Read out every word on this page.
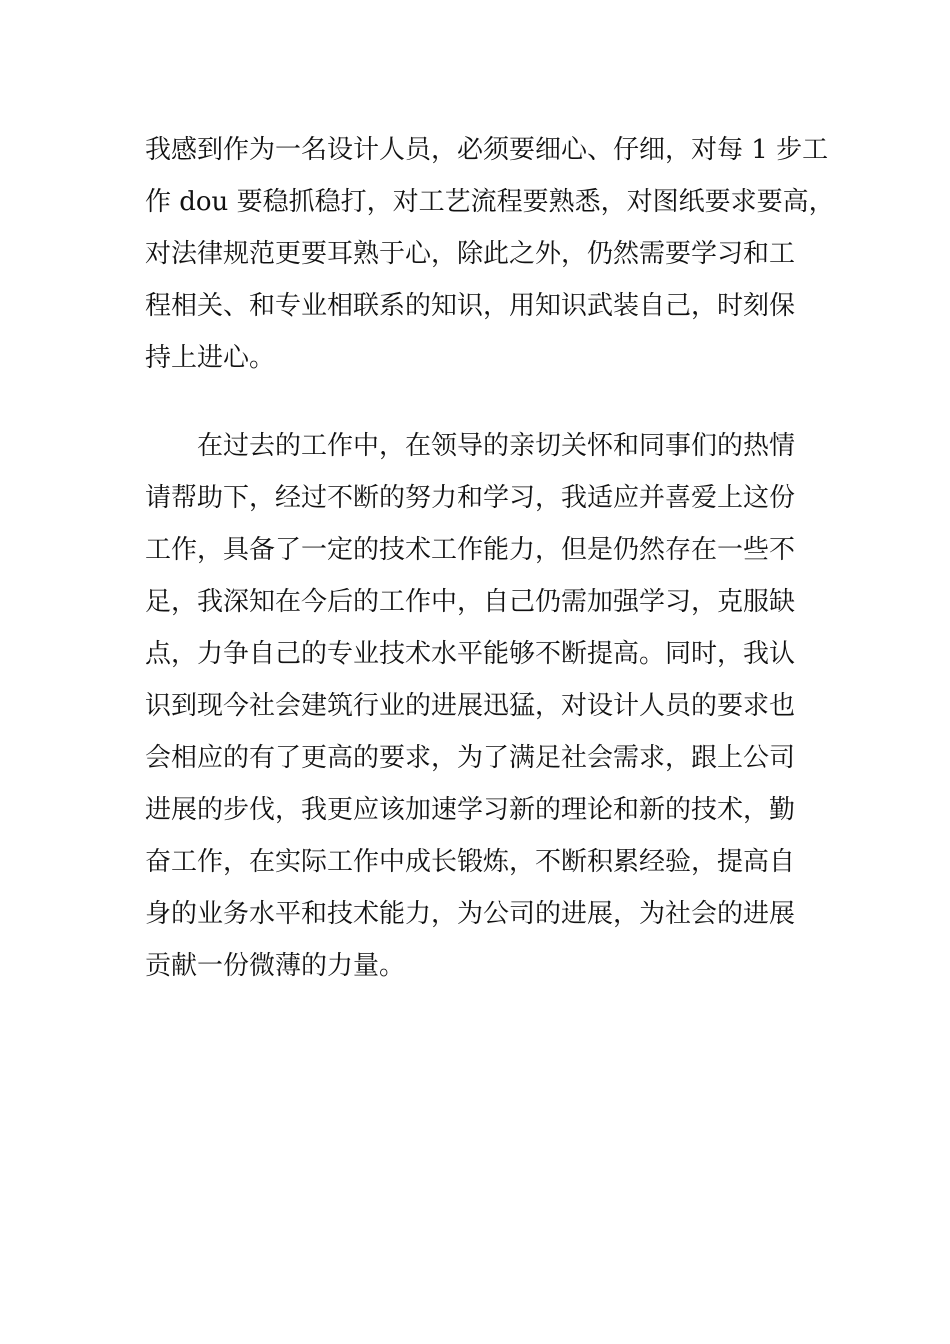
我感到作为一名设计人员，必须要细心、仔细，对每 1 步工
作 dou 要稳抓稳打，对工艺流程要熟悉，对图纸要求要高，
对法律规范更要耳熟于心，除此之外，仍然需要学习和工
程相关、和专业相联系的知识，用知识武装自己，时刻保
持上进心。
在过去的工作中，在领导的亲切关怀和同事们的热情
请帮助下，经过不断的努力和学习，我适应并喜爱上这份
工作，具备了一定的技术工作能力，但是仍然存在一些不
足，我深知在今后的工作中，自己仍需加强学习，克服缺
点，力争自己的专业技术水平能够不断提高。同时，我认
识到现今社会建筑行业的进展迅猛，对设计人员的要求也
会相应的有了更高的要求，为了满足社会需求，跟上公司
进展的步伐，我更应该加速学习新的理论和新的技术，勤
奋工作，在实际工作中成长锻炼，不断积累经验，提高自
身的业务水平和技术能力，为公司的进展，为社会的进展
贡献一份微薄的力量。
